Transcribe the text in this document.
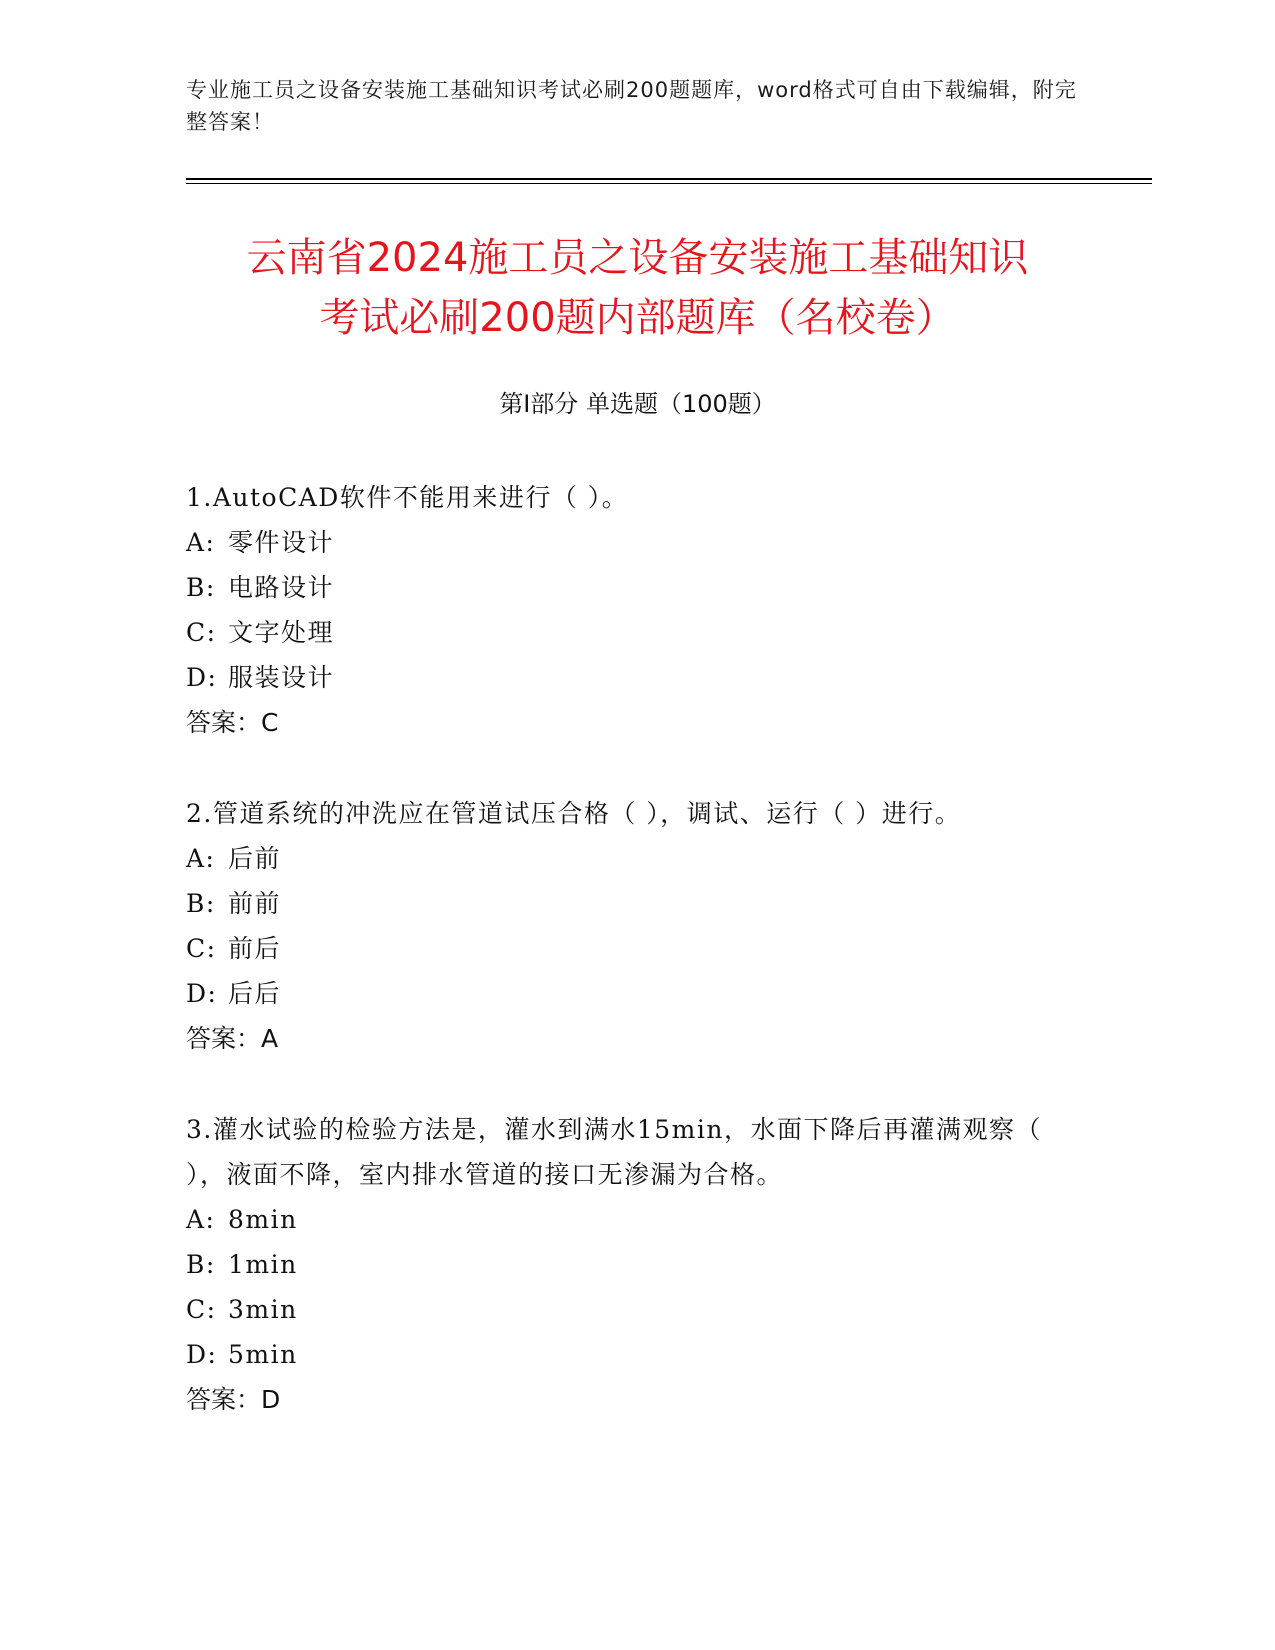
专业施工员之设备安装施工基础知识考试必刷200题题库，word格式可自由下载编辑，附完整答案！
云南省2024施工员之设备安装施工基础知识
考试必刷200题内部题库（名校卷）
第Ⅰ部分 单选题（100题）
1.AutoCAD软件不能用来进行（ ）。
A: 零件设计
B: 电路设计
C: 文字处理
D: 服装设计
答案：C
2.管道系统的冲洗应在管道试压合格（ ），调试、运行（ ）进行。
A: 后前
B: 前前
C: 前后
D: 后后
答案：A
3.灌水试验的检验方法是，灌水到满水15min，水面下降后再灌满观察（ ），液面不降，室内排水管道的接口无渗漏为合格。
A: 8min
B: 1min
C: 3min
D: 5min
答案：D
